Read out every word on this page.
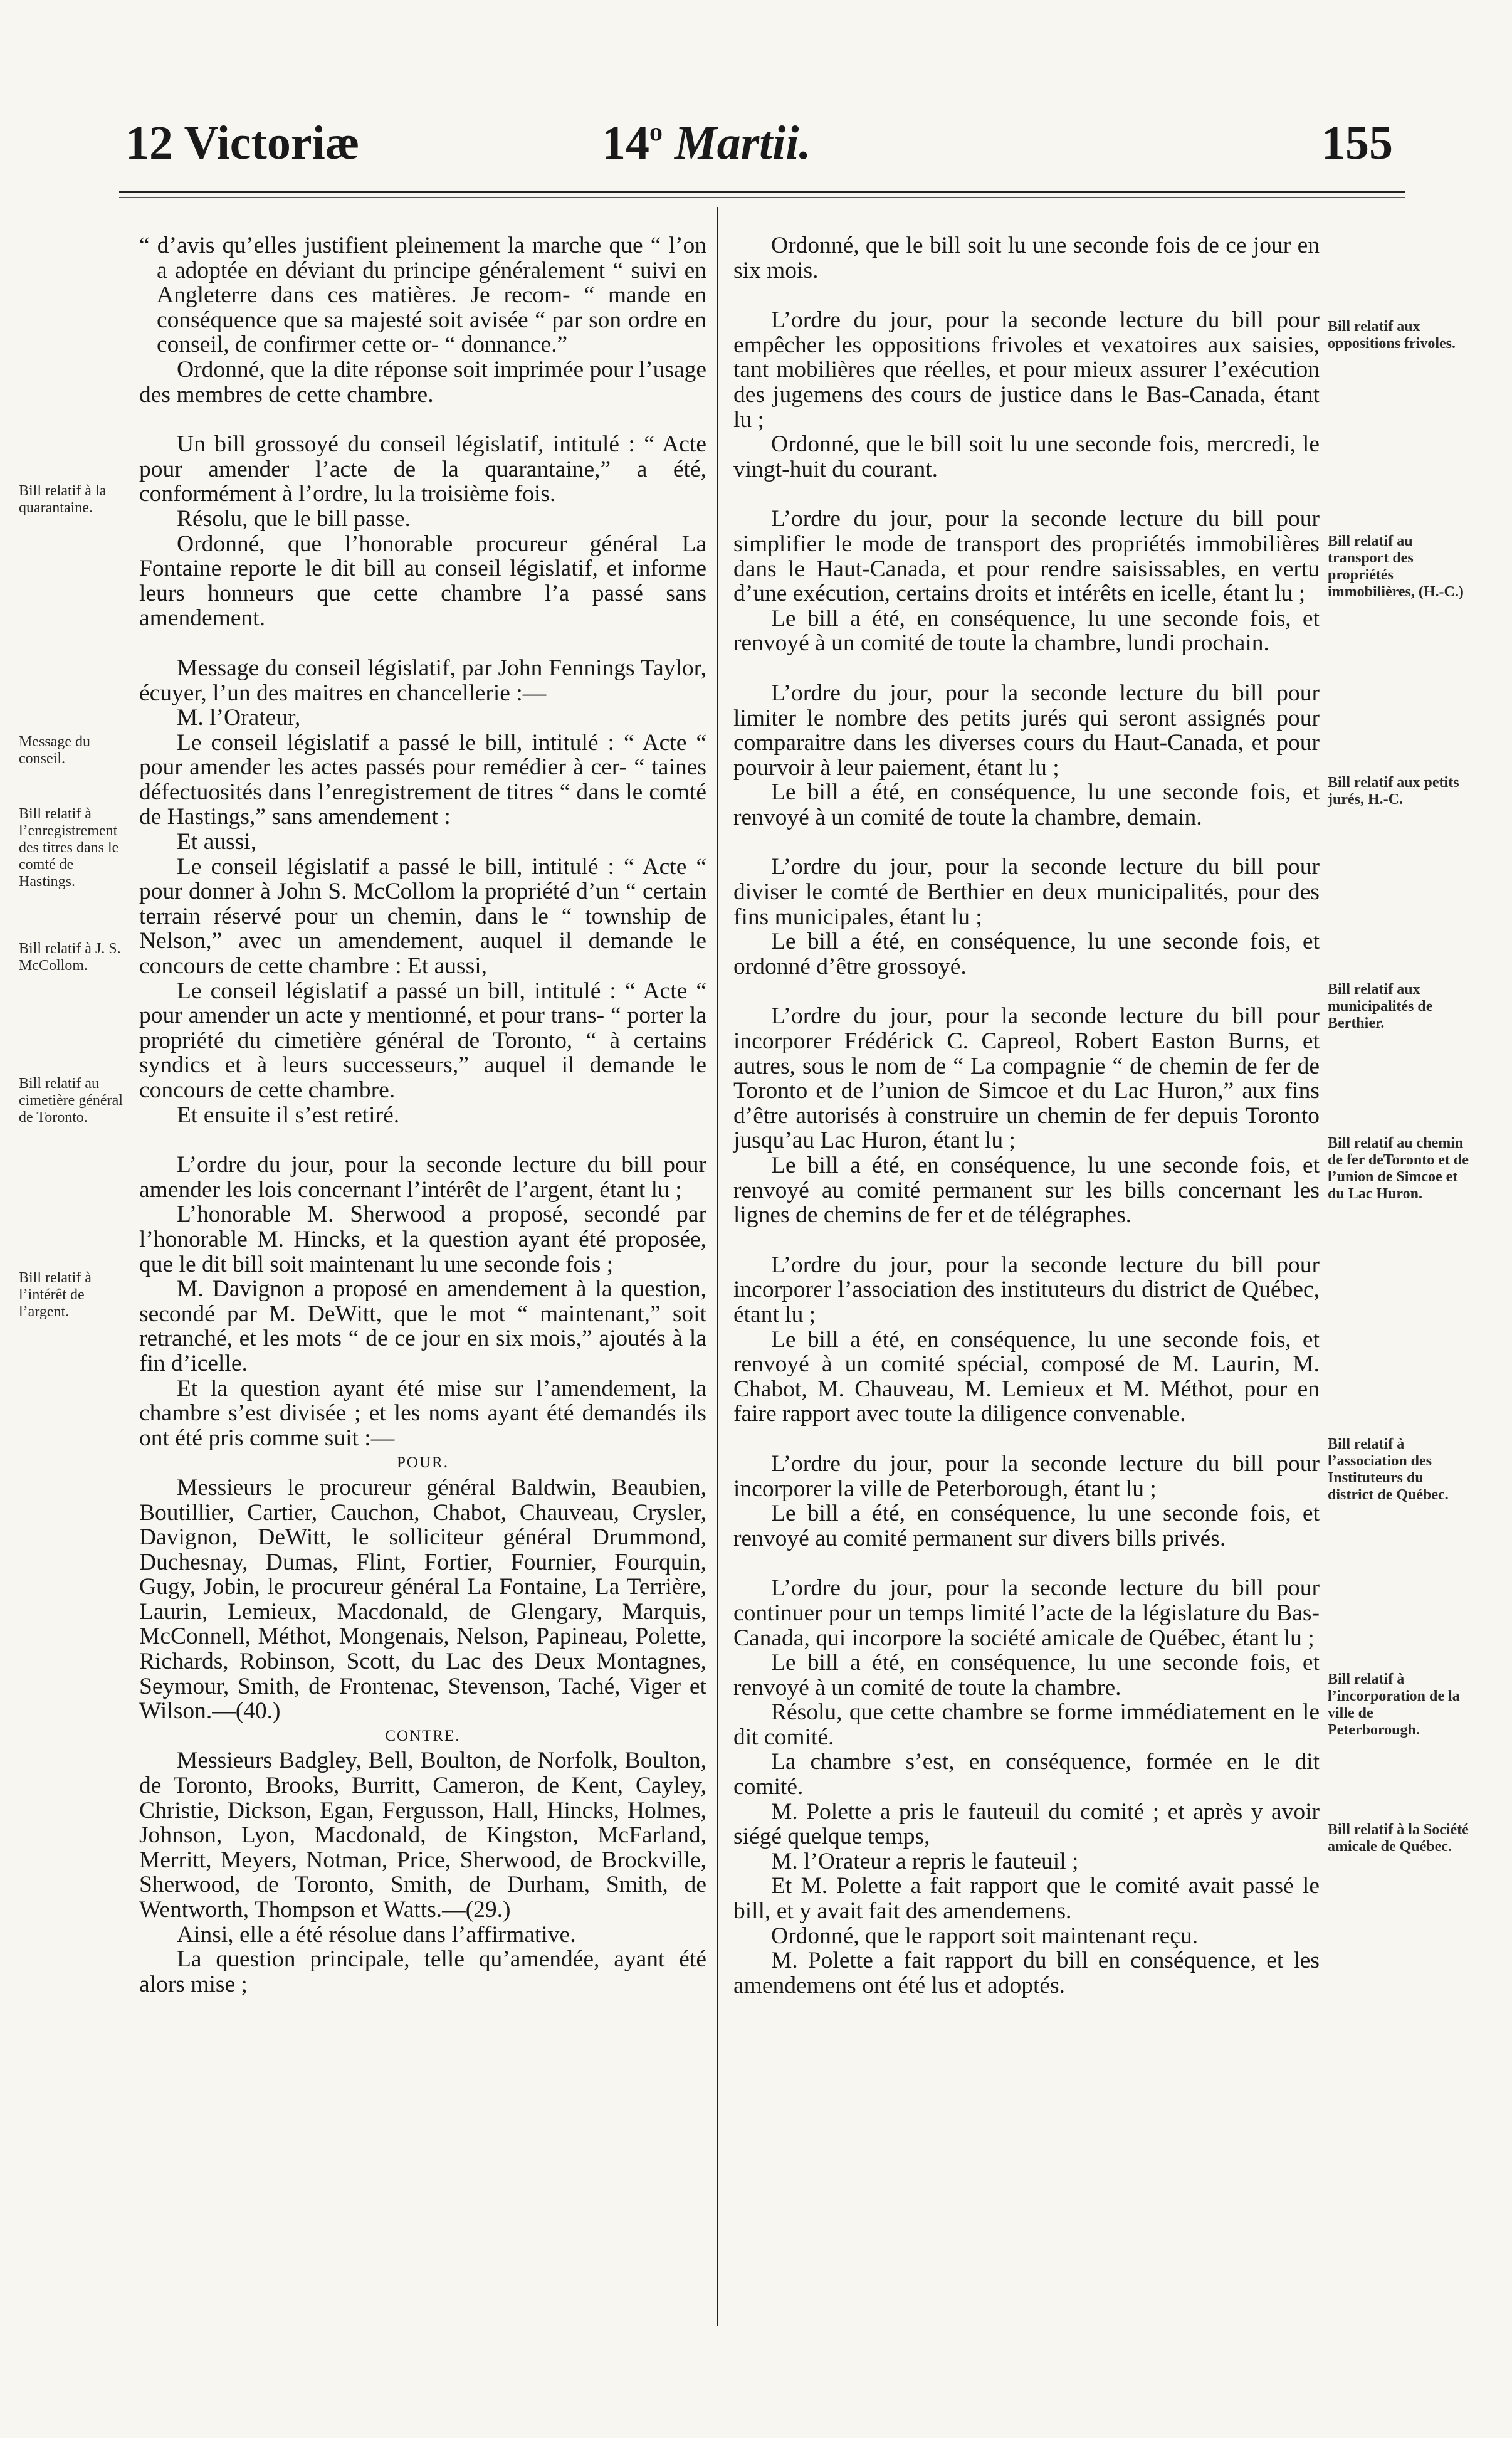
12 Victoriæ	14$^o$ Martii.	155

“ d’avis qu’elles justifient pleinement la marche que “ l’on a adoptée en déviant du principe généralement “ suivi en Angleterre dans ces matières. Je recom- “ mande en conséquence que sa majesté soit avisée “ par son ordre en conseil, de confirmer cette or- “ donnance.”

Ordonné, que la dite réponse soit imprimée pour l’usage des membres de cette chambre.

Un bill grossoyé du conseil législatif, intitulé : “ Acte pour amender l’acte de la quarantaine,” a été, conformément à l’ordre, lu la troisième fois.

Résolu, que le bill passe.

Ordonné, que l’honorable procureur général La Fontaine reporte le dit bill au conseil législatif, et informe leurs honneurs que cette chambre l’a passé sans amendement.

Message du conseil législatif, par John Fennings Taylor, écuyer, l’un des maitres en chancellerie :—

M. l’Orateur,

Le conseil législatif a passé le bill, intitulé : “ Acte “ pour amender les actes passés pour remédier à cer- “ taines défectuosités dans l’enregistrement de titres “ dans le comté de Hastings,” sans amendement :

Et aussi,

Le conseil législatif a passé le bill, intitulé : “ Acte “ pour donner à John S. McCollom la propriété d’un “ certain terrain réservé pour un chemin, dans le “ township de Nelson,” avec un amendement, auquel il demande le concours de cette chambre : Et aussi,

Le conseil législatif a passé un bill, intitulé : “ Acte “ pour amender un acte y mentionné, et pour trans- “ porter la propriété du cimetière général de Toronto, “ à certains syndics et à leurs successeurs,” auquel il demande le concours de cette chambre.

Et ensuite il s’est retiré.

L’ordre du jour, pour la seconde lecture du bill pour amender les lois concernant l’intérêt de l’argent, étant lu ;

L’honorable M. Sherwood a proposé, secondé par l’honorable M. Hincks, et la question ayant été proposée, que le dit bill soit maintenant lu une seconde fois ;

M. Davignon a proposé en amendement à la question, secondé par M. DeWitt, que le mot “ maintenant,” soit retranché, et les mots “ de ce jour en six mois,” ajoutés à la fin d’icelle.

Et la question ayant été mise sur l’amendement, la chambre s’est divisée ; et les noms ayant été demandés ils ont été pris comme suit :—

POUR.

Messieurs le procureur général Baldwin, Beaubien, Boutillier, Cartier, Cauchon, Chabot, Chauveau, Crysler, Davignon, DeWitt, le solliciteur général Drummond, Duchesnay, Dumas, Flint, Fortier, Fournier, Fourquin, Gugy, Jobin, le procureur général La Fontaine, La Terrière, Laurin, Lemieux, Macdonald, de Glengary, Marquis, McConnell, Méthot, Mongenais, Nelson, Papineau, Polette, Richards, Robinson, Scott, du Lac des Deux Montagnes, Seymour, Smith, de Frontenac, Stevenson, Taché, Viger et Wilson.—(40.)

CONTRE.

Messieurs Badgley, Bell, Boulton, de Norfolk, Boulton, de Toronto, Brooks, Burritt, Cameron, de Kent, Cayley, Christie, Dickson, Egan, Fergusson, Hall, Hincks, Holmes, Johnson, Lyon, Macdonald, de Kingston, McFarland, Merritt, Meyers, Notman, Price, Sherwood, de Brockville, Sherwood, de Toronto, Smith, de Durham, Smith, de Wentworth, Thompson et Watts.—(29.)

Ainsi, elle a été résolue dans l’affirmative.

La question principale, telle qu’amendée, ayant été alors mise ;

Ordonné, que le bill soit lu une seconde fois de ce jour en six mois.

L’ordre du jour, pour la seconde lecture du bill pour empêcher les oppositions frivoles et vexatoires aux saisies, tant mobilières que réelles, et pour mieux assurer l’exécution des jugemens des cours de justice dans le Bas-Canada, étant lu ;

Ordonné, que le bill soit lu une seconde fois, mercredi, le vingt-huit du courant.

L’ordre du jour, pour la seconde lecture du bill pour simplifier le mode de transport des propriétés immobilières dans le Haut-Canada, et pour rendre saisissables, en vertu d’une exécution, certains droits et intérêts en icelle, étant lu ;

Le bill a été, en conséquence, lu une seconde fois, et renvoyé à un comité de toute la chambre, lundi prochain.

L’ordre du jour, pour la seconde lecture du bill pour limiter le nombre des petits jurés qui seront assignés pour comparaitre dans les diverses cours du Haut-Canada, et pour pourvoir à leur paiement, étant lu ;

Le bill a été, en conséquence, lu une seconde fois, et renvoyé à un comité de toute la chambre, demain.

L’ordre du jour, pour la seconde lecture du bill pour diviser le comté de Berthier en deux municipalités, pour des fins municipales, étant lu ;

Le bill a été, en conséquence, lu une seconde fois, et ordonné d’être grossoyé.

L’ordre du jour, pour la seconde lecture du bill pour incorporer Frédérick C. Capreol, Robert Easton Burns, et autres, sous le nom de “ La compagnie “ de chemin de fer de Toronto et de l’union de Simcoe et du Lac Huron,” aux fins d’être autorisés à construire un chemin de fer depuis Toronto jusqu’au Lac Huron, étant lu ;

Le bill a été, en conséquence, lu une seconde fois, et renvoyé au comité permanent sur les bills concernant les lignes de chemins de fer et de télégraphes.

L’ordre du jour, pour la seconde lecture du bill pour incorporer l’association des instituteurs du district de Québec, étant lu ;

Le bill a été, en conséquence, lu une seconde fois, et renvoyé à un comité spécial, composé de M. Laurin, M. Chabot, M. Chauveau, M. Lemieux et M. Méthot, pour en faire rapport avec toute la diligence convenable.

L’ordre du jour, pour la seconde lecture du bill pour incorporer la ville de Peterborough, étant lu ;

Le bill a été, en conséquence, lu une seconde fois, et renvoyé au comité permanent sur divers bills privés.

L’ordre du jour, pour la seconde lecture du bill pour continuer pour un temps limité l’acte de la législature du Bas-Canada, qui incorpore la société amicale de Québec, étant lu ;

Le bill a été, en conséquence, lu une seconde fois, et renvoyé à un comité de toute la chambre.

Résolu, que cette chambre se forme immédiatement en le dit comité.

La chambre s’est, en conséquence, formée en le dit comité.

M. Polette a pris le fauteuil du comité ; et après y avoir siégé quelque temps,

M. l’Orateur a repris le fauteuil ;

Et M. Polette a fait rapport que le comité avait passé le bill, et y avait fait des amendemens.

Ordonné, que le rapport soit maintenant reçu.

M. Polette a fait rapport du bill en conséquence, et les amendemens ont été lus et adoptés.

Bill relatif à la quarantaine.
Message du conseil.
Bill relatif à l’enregistrement des titres dans le comté de Hastings.
Bill relatif à J. S. McCollom.
Bill relatif au cimetière général de Toronto.
Bill relatif à l’intérêt de l’argent.
Bill relatif aux oppositions frivoles.
Bill relatif au transport des propriétés immobilières, (H.-C.)
Bill relatif aux petits jurés, H.-C.
Bill relatif aux municipalités de Berthier.
Bill relatif au chemin de fer deToronto et de l’union de Simcoe et du Lac Huron.
Bill relatif à l’association des Instituteurs du district de Québec.
Bill relatif à l’incorporation de la ville de Peterborough.
Bill relatif à la Société amicale de Québec.
